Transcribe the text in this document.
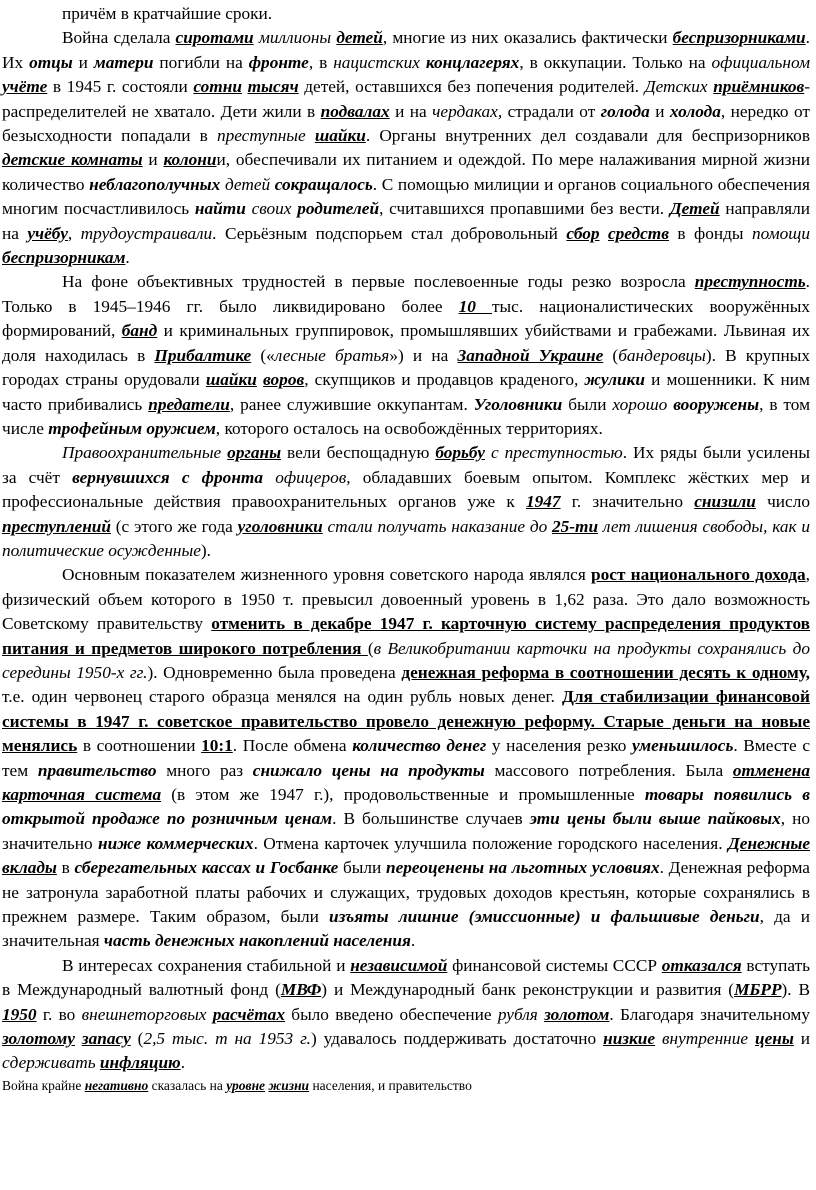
причём в кратчайшие сроки.

Война сделала сиротами миллионы детей, многие из них оказались фактически беспризорниками. Их отцы и матери погибли на фронте, в нацистских концлагерях, в оккупации. Только на официальном учёте в 1945 г. состояли сотни тысяч детей, оставшихся без попечения родителей. Детских приёмников-распределителей не хватало. Дети жили в подвалах и на чердаках, страдали от голода и холода, нередко от безысходности попадали в преступные шайки. Органы внутренних дел создавали для беспризорников детские комнаты и колонии, обеспечивали их питанием и одеждой. По мере налаживания мирной жизни количество неблагополучных детей сокращалось. С помощью милиции и органов социального обеспечения многим посчастливилось найти своих родителей, считавшихся пропавшими без вести. Детей направляли на учёбу, трудоустраивали. Серьёзным подспорьем стал добровольный сбор средств в фонды помощи беспризорникам.

На фоне объективных трудностей в первые послевоенные годы резко возросла преступность. Только в 1945–1946 гг. было ликвидировано более 10 тыс. националистических вооружённых формирований, банд и криминальных группировок, промышлявших убийствами и грабежами. Львиная их доля находилась в Прибалтике («лесные братья») и на Западной Украине (бандеровцы). В крупных городах страны орудовали шайки воров, скупщиков и продавцов краденого, жулики и мошенники. К ним часто прибивались предатели, ранее служившие оккупантам. Уголовники были хорошо вооружены, в том числе трофейным оружием, которого осталось на освобождённых территориях.

Правоохранительные органы вели беспощадную борьбу с преступностью. Их ряды были усилены за счёт вернувшихся с фронта офицеров, обладавших боевым опытом. Комплекс жёстких мер и профессиональные действия правоохранительных органов уже к 1947 г. значительно снизили число преступлений (с этого же года уголовники стали получать наказание до 25-ти лет лишения свободы, как и политические осужденные).

Основным показателем жизненного уровня советского народа являлся рост национального дохода, физический объем которого в 1950 т. превысил довоенный уровень в 1,62 раза. Это дало возможность Советскому правительству отменить в декабре 1947 г. карточную систему распределения продуктов питания и предметов широкого потребления (в Великобритании карточки на продукты сохранялись до середины 1950-х гг.). Одновременно была проведена денежная реформа в соотношении десять к одному, т.е. один червонец старого образца менялся на один рубль новых денег. Для стабилизации финансовой системы в 1947 г. советское правительство провело денежную реформу. Старые деньги на новые менялись в соотношении 10:1. После обмена количество денег у населения резко уменьшилось. Вместе с тем правительство много раз снижало цены на продукты массового потребления. Была отменена карточная система (в этом же 1947 г.), продовольственные и промышленные товары появились в открытой продаже по розничным ценам. В большинстве случаев эти цены были выше пайковых, но значительно ниже коммерческих. Отмена карточек улучшила положение городского населения. Денежные вклады в сберегательных кассах и Госбанке были переоценены на льготных условиях. Денежная реформа не затронула заработной платы рабочих и служащих, трудовых доходов крестьян, которые сохранялись в прежнем размере. Таким образом, были изъяты лишние (эмиссионные) и фальшивые деньги, да и значительная часть денежных накоплений населения.

В интересах сохранения стабильной и независимой финансовой системы СССР отказался вступать в Международный валютный фонд (МВФ) и Международный банк реконструкции и развития (МБРР). В 1950 г. во внешнеторговых расчётах было введено обеспечение рубля золотом. Благодаря значительному золотому запасу (2,5 тыс. т на 1953 г.) удавалось поддерживать достаточно низкие внутренние цены и сдерживать инфляцию.

Война крайне негативно сказалась на уровне жизни населения, и правительство
